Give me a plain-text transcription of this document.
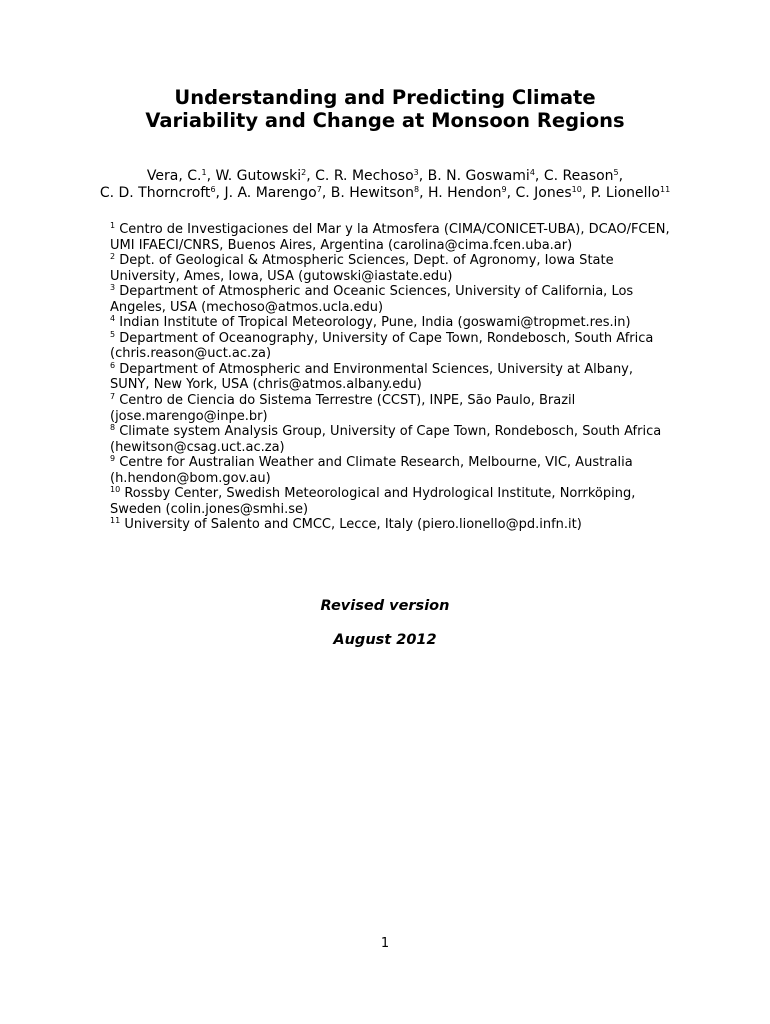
Understanding and Predicting Climate
Variability and Change at Monsoon Regions
Vera, C.$^1$, W. Gutowski$^2$, C. R. Mechoso$^3$, B. N. Goswami$^4$, C. Reason$^5$, C. D. Thorncroft$^6$, J. A. Marengo$^7$, B. Hewitson$^8$, H. Hendon$^9$, C. Jones$^{10}$, P. Lionello$^{11}$
$^1$ Centro de Investigaciones del Mar y la Atmosfera (CIMA/CONICET-UBA), DCAO/FCEN, UMI IFAECI/CNRS, Buenos Aires, Argentina (carolina@cima.fcen.uba.ar)
$^2$ Dept. of Geological & Atmospheric Sciences, Dept. of Agronomy, Iowa State University, Ames, Iowa, USA (gutowski@iastate.edu)
$^3$ Department of Atmospheric and Oceanic Sciences, University of California, Los Angeles, USA (mechoso@atmos.ucla.edu)
$^4$ Indian Institute of Tropical Meteorology, Pune, India (goswami@tropmet.res.in)
$^5$ Department of Oceanography, University of Cape Town, Rondebosch, South Africa (chris.reason@uct.ac.za)
$^6$ Department of Atmospheric and Environmental Sciences, University at Albany, SUNY, New York, USA (chris@atmos.albany.edu)
$^7$ Centro de Ciencia do Sistema Terrestre (CCST), INPE, São Paulo, Brazil (jose.marengo@inpe.br)
$^8$ Climate system Analysis Group, University of Cape Town, Rondebosch, South Africa (hewitson@csag.uct.ac.za)
$^9$ Centre for Australian Weather and Climate Research, Melbourne, VIC, Australia (h.hendon@bom.gov.au)
$^{10}$ Rossby Center, Swedish Meteorological and Hydrological Institute, Norrköping, Sweden (colin.jones@smhi.se)
$^{11}$ University of Salento and CMCC, Lecce, Italy (piero.lionello@pd.infn.it)
Revised version
August 2012
1
